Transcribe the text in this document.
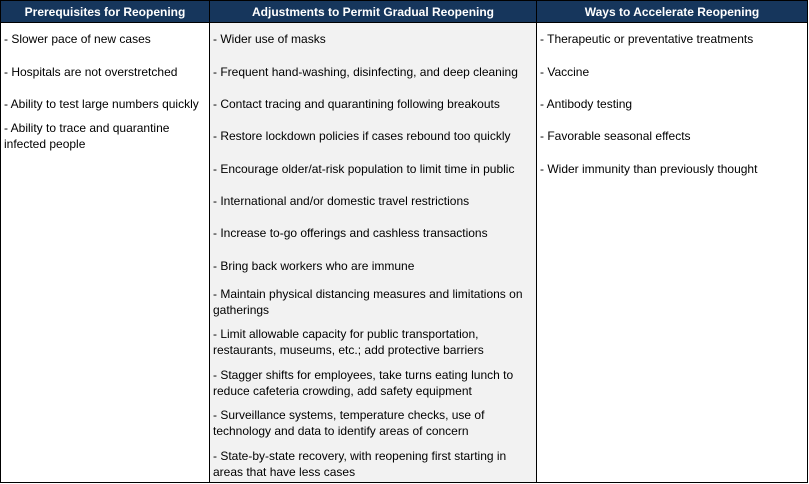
Prerequisites for Reopening
- Slower pace of new cases
- Hospitals are not overstretched
- Ability to test large numbers quickly
- Ability to trace and quarantine infected people
Adjustments to Permit Gradual Reopening
- Wider use of masks
- Frequent hand-washing, disinfecting, and deep cleaning
- Contact tracing and quarantining following breakouts
- Restore lockdown policies if cases rebound too quickly
- Encourage older/at-risk population to limit time in public
- International and/or domestic travel restrictions
- Increase to-go offerings and cashless transactions
- Bring back workers who are immune
- Maintain physical distancing measures and limitations on gatherings
- Limit allowable capacity for public transportation, restaurants, museums, etc.; add protective barriers
- Stagger shifts for employees, take turns eating lunch to reduce cafeteria crowding, add safety equipment
- Surveillance systems, temperature checks, use of technology and data to identify areas of concern
- State-by-state recovery, with reopening first starting in areas that have less cases
Ways to Accelerate Reopening
- Therapeutic or preventative treatments
- Vaccine
- Antibody testing
- Favorable seasonal effects
- Wider immunity than previously thought
